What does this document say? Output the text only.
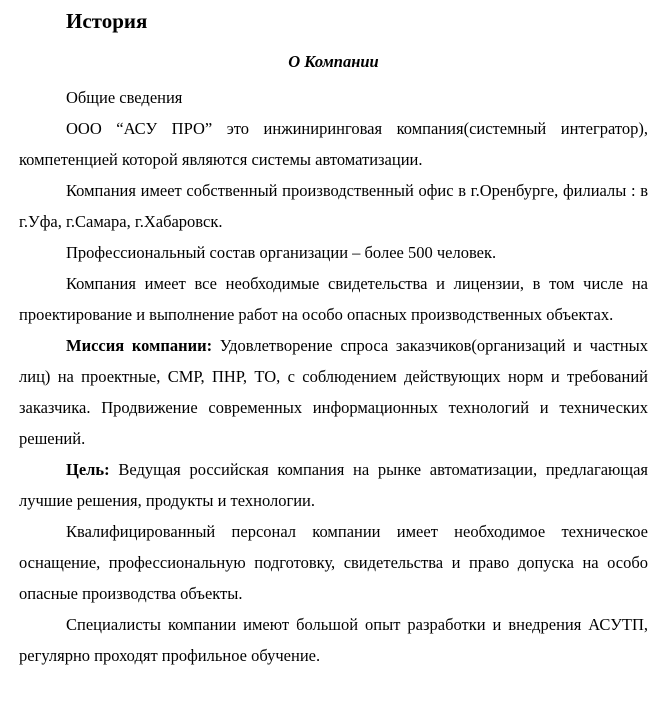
История
О Компании

Общие сведения

ООО “АСУ ПРО” это инжиниринговая компания(системный интегратор), компетенцией которой являются системы автоматизации.

Компания имеет собственный производственный офис в г.Оренбурге, филиалы : в г.Уфа, г.Самара, г.Хабаровск.

Профессиональный состав организации – более 500 человек.

Компания имеет все необходимые свидетельства и лицензии, в том числе на проектирование и выполнение работ на особо опасных производственных объектах.

Миссия компании: Удовлетворение спроса заказчиков(организаций и частных лиц) на проектные, СМР, ПНР, ТО, с соблюдением действующих норм и требований заказчика. Продвижение современных информационных технологий и технических решений.

Цель: Ведущая российская компания на рынке автоматизации, предлагающая лучшие решения, продукты и технологии.

Квалифицированный персонал компании имеет необходимое техническое оснащение, профессиональную подготовку, свидетельства и право допуска на особо опасные производства объекты.

Специалисты компании имеют большой опыт разработки и внедрения АСУТП, регулярно проходят профильное обучение.
